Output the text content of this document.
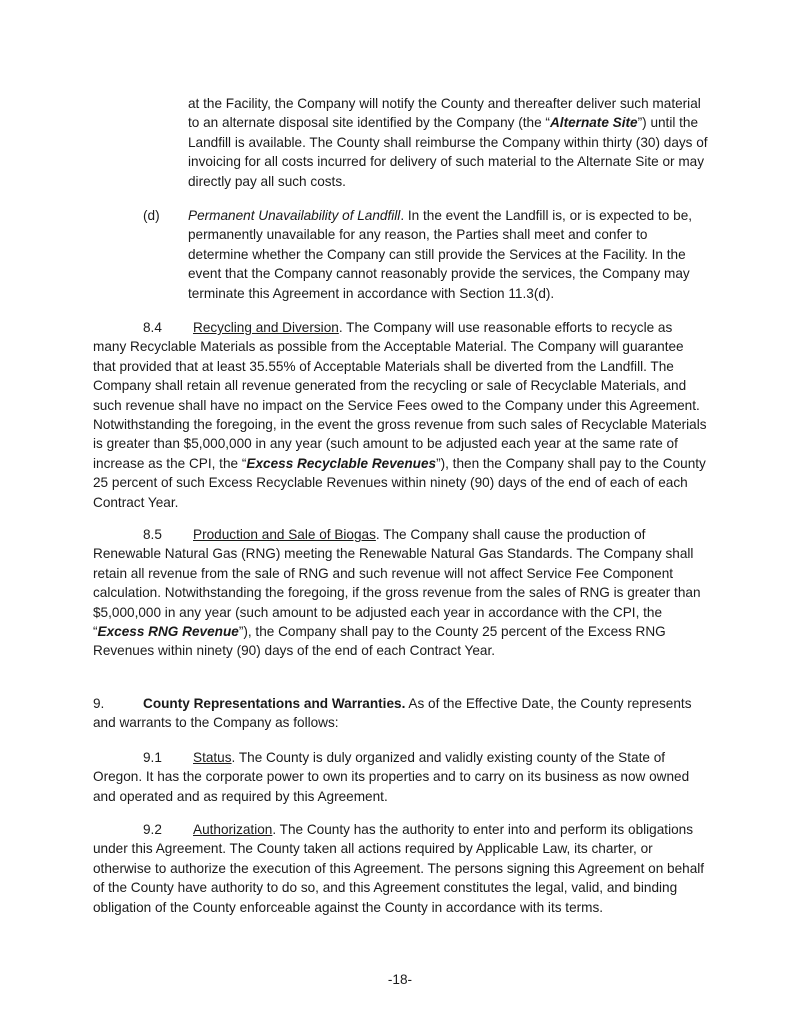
at the Facility, the Company will notify the County and thereafter deliver such material to an alternate disposal site identified by the Company (the “Alternate Site”) until the Landfill is available. The County shall reimburse the Company within thirty (30) days of invoicing for all costs incurred for delivery of such material to the Alternate Site or may directly pay all such costs.

(d) Permanent Unavailability of Landfill. In the event the Landfill is, or is expected to be, permanently unavailable for any reason, the Parties shall meet and confer to determine whether the Company can still provide the Services at the Facility. In the event that the Company cannot reasonably provide the services, the Company may terminate this Agreement in accordance with Section 11.3(d).

8.4 Recycling and Diversion. The Company will use reasonable efforts to recycle as many Recyclable Materials as possible from the Acceptable Material. The Company will guarantee that provided that at least 35.55% of Acceptable Materials shall be diverted from the Landfill. The Company shall retain all revenue generated from the recycling or sale of Recyclable Materials, and such revenue shall have no impact on the Service Fees owed to the Company under this Agreement. Notwithstanding the foregoing, in the event the gross revenue from such sales of Recyclable Materials is greater than $5,000,000 in any year (such amount to be adjusted each year at the same rate of increase as the CPI, the “Excess Recyclable Revenues”), then the Company shall pay to the County 25 percent of such Excess Recyclable Revenues within ninety (90) days of the end of each of each Contract Year.

8.5 Production and Sale of Biogas. The Company shall cause the production of Renewable Natural Gas (RNG) meeting the Renewable Natural Gas Standards. The Company shall retain all revenue from the sale of RNG and such revenue will not affect Service Fee Component calculation. Notwithstanding the foregoing, if the gross revenue from the sales of RNG is greater than $5,000,000 in any year (such amount to be adjusted each year in accordance with the CPI, the “Excess RNG Revenue”), the Company shall pay to the County 25 percent of the Excess RNG Revenues within ninety (90) days of the end of each Contract Year.

9.	County Representations and Warranties. As of the Effective Date, the County represents and warrants to the Company as follows:

9.1 Status. The County is duly organized and validly existing county of the State of Oregon. It has the corporate power to own its properties and to carry on its business as now owned and operated and as required by this Agreement.

9.2 Authorization. The County has the authority to enter into and perform its obligations under this Agreement. The County taken all actions required by Applicable Law, its charter, or otherwise to authorize the execution of this Agreement. The persons signing this Agreement on behalf of the County have authority to do so, and this Agreement constitutes the legal, valid, and binding obligation of the County enforceable against the County in accordance with its terms.

-18-
